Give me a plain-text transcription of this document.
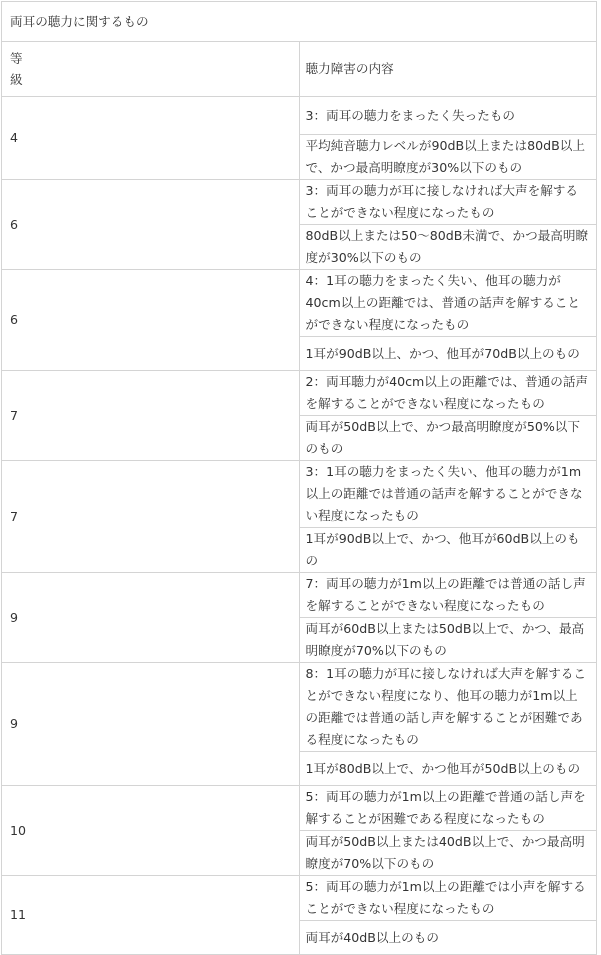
両耳の聴力に関するもの	
等
級	聴力障害の内容
4	3：両耳の聴力をまったく失ったもの
	平均純音聴力レベルが90dB以上または80dB以上で、かつ最高明瞭度が30%以下のもの
6	3：両耳の聴力が耳に接しなければ大声を解することができない程度になったもの
	80dB以上または50～80dB未満で、かつ最高明瞭度が30%以下のもの
6	4：1耳の聴力をまったく失い、他耳の聴力が40cm以上の距離では、普通の話声を解することができない程度になったもの
	1耳が90dB以上、かつ、他耳が70dB以上のもの
7	2：両耳聴力が40cm以上の距離では、普通の話声を解することができない程度になったもの
	両耳が50dB以上で、かつ最高明瞭度が50%以下のもの
7	3：1耳の聴力をまったく失い、他耳の聴力が1m以上の距離では普通の話声を解することができない程度になったもの
	1耳が90dB以上で、かつ、他耳が60dB以上のもの
9	7：両耳の聴力が1m以上の距離では普通の話し声を解することができない程度になったもの
	両耳が60dB以上または50dB以上で、かつ、最高明瞭度が70%以下のもの
9	8：1耳の聴力が耳に接しなければ大声を解することができない程度になり、他耳の聴力が1m以上の距離では普通の話し声を解することが困難である程度になったもの
	1耳が80dB以上で、かつ他耳が50dB以上のもの
10	5：両耳の聴力が1m以上の距離で普通の話し声を解することが困難である程度になったもの
	両耳が50dB以上または40dB以上で、かつ最高明瞭度が70%以下のもの
11	5：両耳の聴力が1m以上の距離では小声を解することができない程度になったもの
	両耳が40dB以上のもの
